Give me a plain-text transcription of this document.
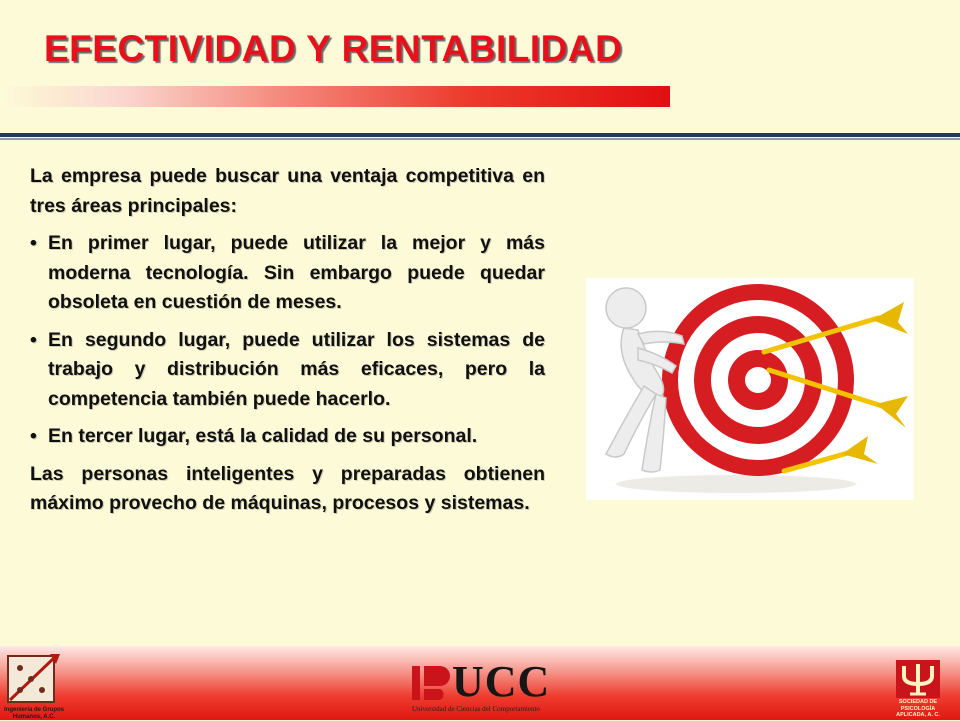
EFECTIVIDAD Y RENTABILIDAD

La empresa puede buscar una ventaja competitiva en tres áreas principales:

• En primer lugar, puede utilizar la mejor y más moderna tecnología. Sin embargo puede quedar obsoleta en cuestión de meses.
• En segundo lugar, puede utilizar los sistemas de trabajo y distribución más eficaces, pero la competencia también puede hacerlo.
• En tercer lugar, está la calidad de su personal.

Las personas inteligentes y preparadas obtienen máximo provecho de máquinas, procesos y sistemas.

Ingeniería de Grupos Humanos, A.C.

UCC

Universidad de Ciencias del Comportamiento
SOCIEDAD DE PSICOLOGÍA APLICADA, A. C.
